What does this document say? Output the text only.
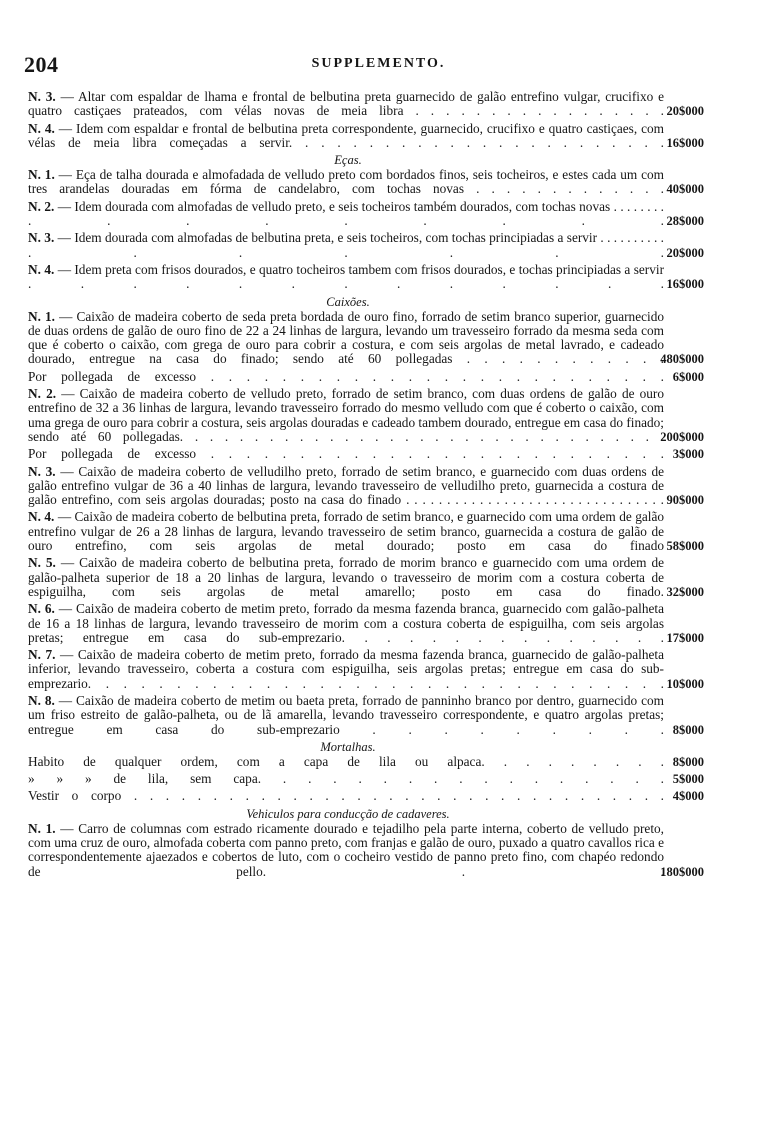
204	SUPPLEMENTO.
N. 3. — Altar com espaldar de lhama e frontal de belbutina preta guarnecido de galão entrefino vulgar, crucifixo e quatro castiçaes prateados, com vélas novas de meia libra . . . . . . . . . . . . . . . . . 20$000
N. 4. — Idem com espaldar e frontal de belbutina preta correspondente, guarnecido, crucifixo e quatro castiçaes, com vélas de meia libra começadas a servir. . . . . . . . . . . . . . . . . . . . . . . . 16$000
Eças.
N. 1. — Eça de talha dourada e almofadada de velludo preto com bordados finos, seis tocheiros, e estes cada um com tres arandelas douradas em fórma de candelabro, com tochas novas . . . . . . . . . . . . . 40$000
N. 2. — Idem dourada com almofadas de velludo preto, e seis tocheiros também dourados, com tochas novas . . . . . . . . . . . . . . . . . 28$000
N. 3. — Idem dourada com almofadas de belbutina preta, e seis tocheiros, com tochas principiadas a servir . . . . . . . . . . . . . . . . . 20$000
N. 4. — Idem preta com frisos dourados, e quatro tocheiros tambem com frisos dourados, e tochas principiadas a servir . . . . . . . . . . . . . 16$000
Caixões.
N. 1. — Caixão de madeira coberto de seda preta bordada de ouro fino, forrado de setim branco superior, guarnecido de duas ordens de galão de ouro fino de 22 a 24 linhas de largura, levando um travesseiro forrado da mesma seda com que é coberto o caixão, com grega de ouro para cobrir a costura, e com seis argolas de metal lavrado, e cadeado dourado, entregue na casa do finado; sendo até 60 pollegadas . . . . . . . . . . . .
480$000
Por pollegada de excesso . . . . . . . . . . . . . . . . . . . . . . . . . . 6$000
N. 2. — Caixão de madeira coberto de velludo preto, forrado de setim branco, com duas ordens de galão de ouro entrefino de 32 a 36 linhas de largura, levando travesseiro forrado do mesmo velludo com que é coberto o caixão, com uma grega de ouro para cobrir a costura, seis argolas douradas e cadeado tambem dourado, entregue em casa do finado; sendo até 60 pollegadas. . . . . . . . . . . . . . . . . . . . . . . . . . . . . . . . .
200$000
Por pollegada de excesso . . . . . . . . . . . . . . . . . . . . . . . . . . 3$000
N. 3. — Caixão de madeira coberto de velludilho preto, forrado de setim branco, e guarnecido com duas ordens de galão entrefino vulgar de 36 a 40 linhas de largura, levando travesseiro de velludilho preto, guarnecida a costura de galão entrefino, com seis argolas douradas; posto na casa do finado . . . . . . . . . . . . . . . . . . . . . . . . . . . . . . . . 90$000
N. 4. — Caixão de madeira coberto de belbutina preta, forrado de setim branco, e guarnecido com uma ordem de galão entrefino vulgar de 26 a 28 linhas de largura, levando travesseiro de setim branco, guarnecida a costura de galão de ouro entrefino, com seis argolas de metal dourado; posto em casa do finado 58$000
N. 5. — Caixão de madeira coberto de belbutina preta, forrado de morim branco e guarnecido com uma ordem de galão-palheta superior de 18 a 20 linhas de largura, levando o travesseiro de morim com a costura coberta de espiguilha, com seis argolas de metal amarello; posto em casa do finado. 32$000
N. 6. — Caixão de madeira coberto de metim preto, forrado da mesma fazenda branca, guarnecido com galão-palheta de 16 a 18 linhas de largura, levando travesseiro de morim com a costura coberta de espiguilha, com seis argolas pretas; entregue em casa do sub-emprezario. . . . . . . . . . . . . . . 17$000
N. 7. — Caixão de madeira coberto de metim preto, forrado da mesma fazenda branca, guarnecido de galão-palheta inferior, levando travesseiro, coberta a costura com espiguilha, seis argolas pretas; entregue em casa do sub-emprezario. . . . . . . . . . . . . . . . . . . . . . . . . . . . . . . . . 10$000
N. 8. — Caixão de madeira coberto de metim ou baeta preta, forrado de panninho branco por dentro, guarnecido com um friso estreito de galão-palheta, ou de lã amarella, levando travesseiro correspondente, e quatro argolas pretas; entregue em casa do sub-emprezario . . . . . . . . . 8$000
Mortalhas.
Habito de qualquer ordem, com a capa de lila ou alpaca. . . . . . . . . 8$000
» » » de lila, sem capa. . . . . . . . . . . . . . . . . 5$000
Vestir o corpo . . . . . . . . . . . . . . . . . . . . . . . . . . . . . . . . . . 4$000
Vehiculos para conducção de cadaveres.
N. 1. — Carro de columnas com estrado ricamente dourado e tejadilho pela parte interna, coberto de velludo preto, com uma cruz de ouro, almofada coberta com panno preto, com franjas e galão de ouro, puxado a quatro cavallos rica e correspondentemente ajaezados e cobertos de luto, com o cocheiro vestido de panno preto fino, com chapéo redondo de pello. . .
180$000
